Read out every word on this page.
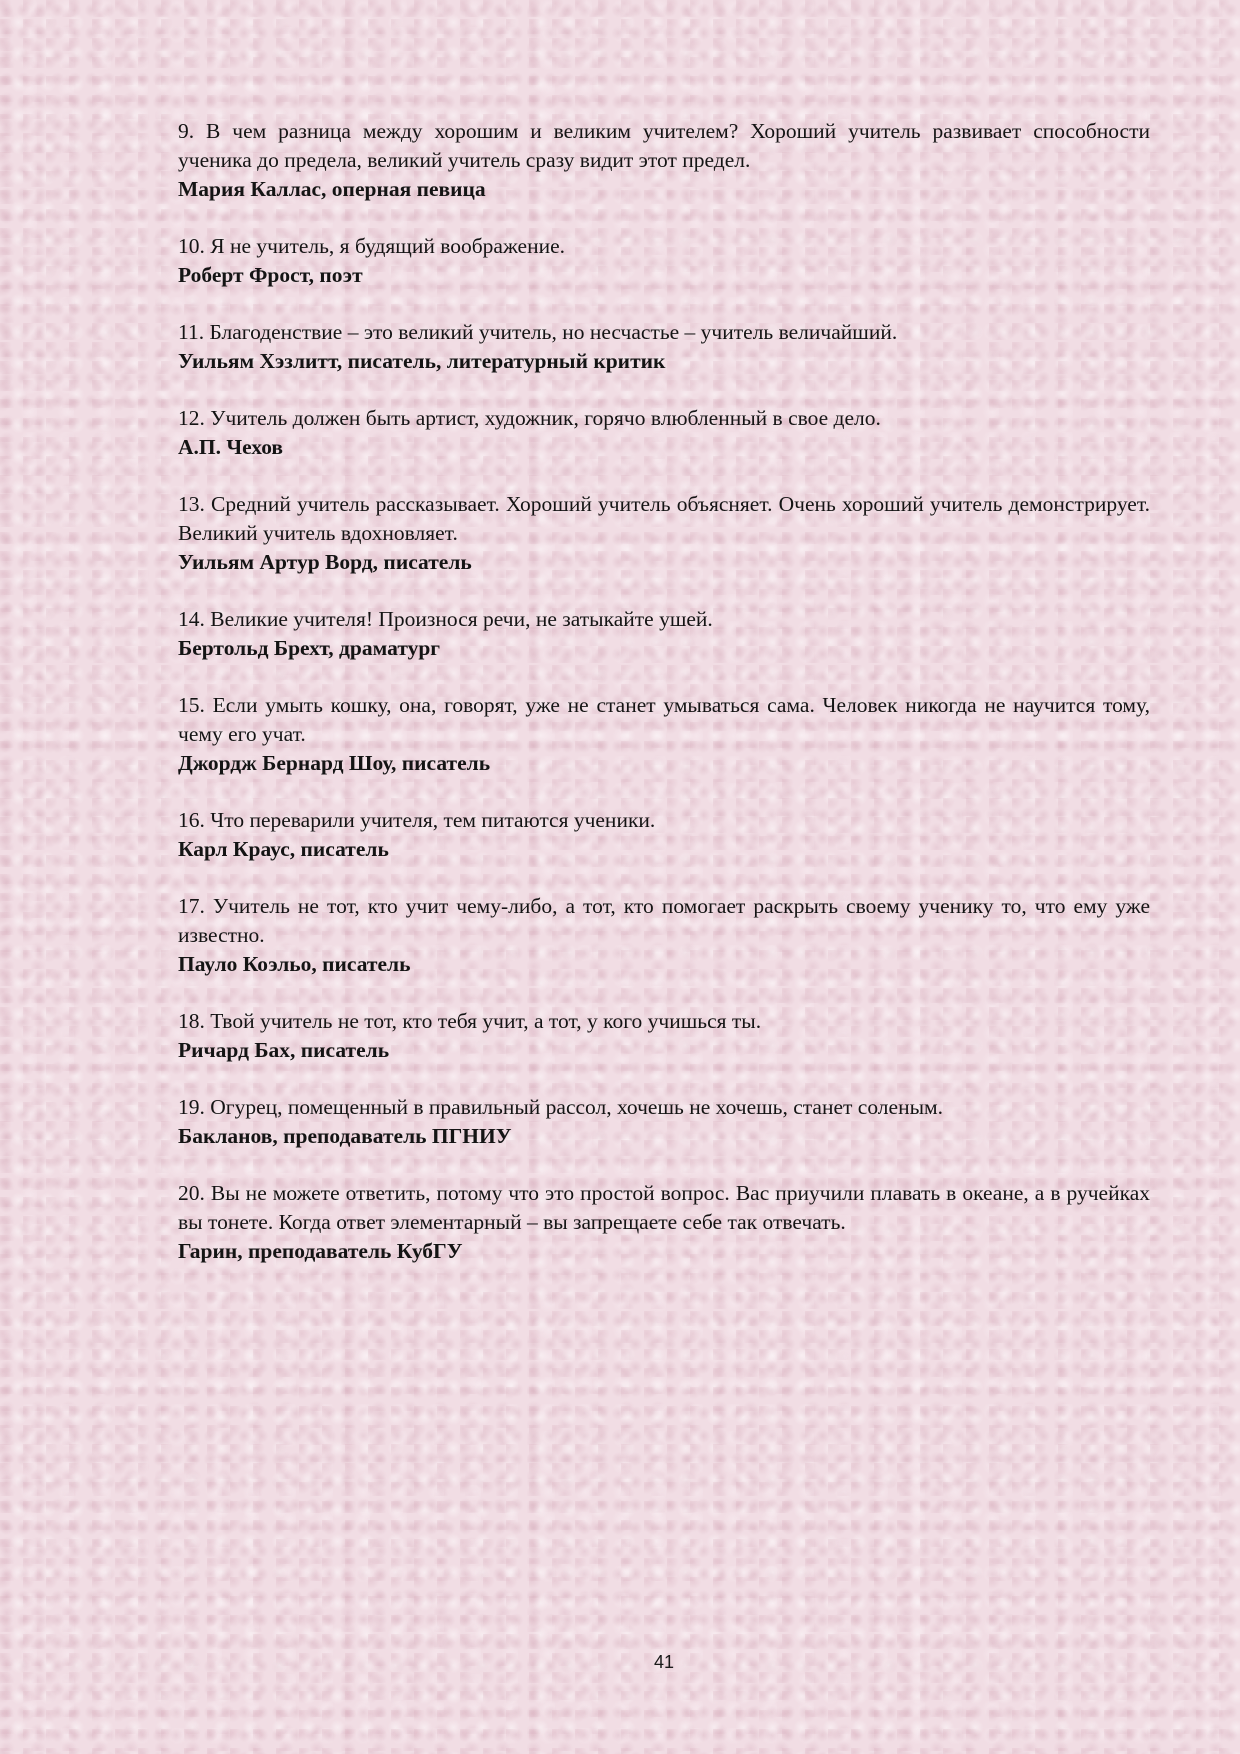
9. В чем разница между хорошим и великим учителем? Хороший учитель развивает способности ученика до предела, великий учитель сразу видит этот предел.

Мария Каллас, оперная певица

10. Я не учитель, я будящий воображение.

Роберт Фрост, поэт

11. Благоденствие – это великий учитель, но несчастье – учитель величайший.

Уильям Хэзлитт, писатель, литературный критик

12. Учитель должен быть артист, художник, горячо влюбленный в свое дело.

А.П. Чехов

13. Средний учитель рассказывает. Хороший учитель объясняет. Очень хороший учитель демонстрирует. Великий учитель вдохновляет.

Уильям Артур Ворд, писатель

14. Великие учителя! Произнося речи, не затыкайте ушей.

Бертольд Брехт, драматург

15. Если умыть кошку, она, говорят, уже не станет умываться сама. Человек никогда не научится тому, чему его учат.

Джордж Бернард Шоу, писатель

16. Что переварили учителя, тем питаются ученики.

Карл Краус, писатель

17. Учитель не тот, кто учит чему-либо, а тот, кто помогает раскрыть своему ученику то, что ему уже известно.

Пауло Коэльо, писатель

18. Твой учитель не тот, кто тебя учит, а тот, у кого учишься ты.

Ричард Бах, писатель

19. Огурец, помещенный в правильный рассол, хочешь не хочешь, станет соленым.

Бакланов, преподаватель ПГНИУ

20. Вы не можете ответить, потому что это простой вопрос. Вас приучили плавать в океане, а в ручейках вы тонете. Когда ответ элементарный – вы запрещаете себе так отвечать.

Гарин, преподаватель КубГУ

41
